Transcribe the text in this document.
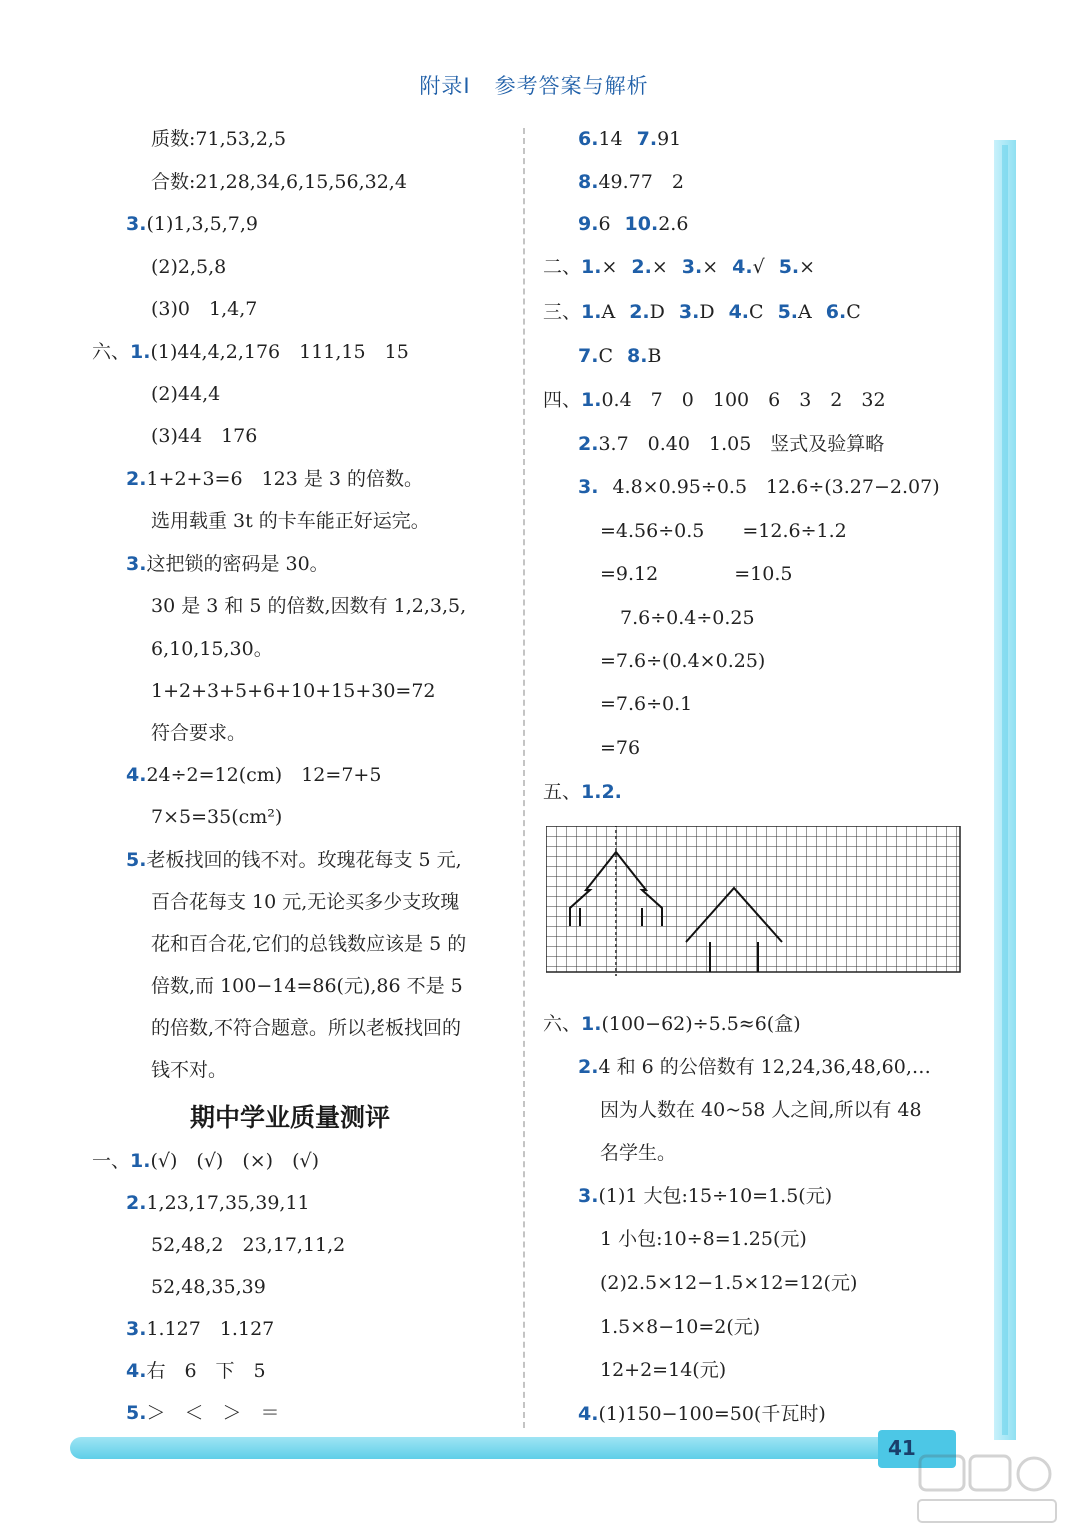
附录Ⅰ 参考答案与解析
质数:71,53,2,5
合数:21,28,34,6,15,56,32,4
3.(1)1,3,5,7,9
(2)2,5,8
(3)0　1,4,7
六、1.(1)44,4,2,176　111,15　15
(2)44,4
(3)44　176
2.1+2+3=6　123 是 3 的倍数。
选用载重 3t 的卡车能正好运完。
3.这把锁的密码是 30。
30 是 3 和 5 的倍数,因数有 1,2,3,5,
6,10,15,30。
1+2+3+5+6+10+15+30=72
符合要求。
4.24÷2=12(cm)　12=7+5
7×5=35(cm²)
5.老板找回的钱不对。玫瑰花每支 5 元,
百合花每支 10 元,无论买多少支玫瑰
花和百合花,它们的总钱数应该是 5 的
倍数,而 100−14=86(元),86 不是 5
的倍数,不符合题意。所以老板找回的
钱不对。
期中学业质量测评
一、1.(√)　(√)　(×)　(√)
2.1,23,17,35,39,11
52,48,2　23,17,11,2
52,48,35,39
3.1.127　1.127
4.右　6　下　5
5.＞　＜　＞　＝
6.14 7.91
8.49.77　2
9.6 10.2.6
二、1.× 2.× 3.× 4.√ 5.×
三、1.A 2.D 3.D 4.C 5.A 6.C
7.C 8.B
四、1.0.4　7　0　100　6　3　2　32
2.3.7　0.40　1.05　竖式及验算略
3. 4.8×0.95÷0.5　12.6÷(3.27−2.07)
=4.56÷0.5　　=12.6÷1.2
=9.12　　　　=10.5
7.6÷0.4÷0.25
=7.6÷(0.4×0.25)
=7.6÷0.1
=76
五、1.2.
六、1.(100−62)÷5.5≈6(盒)
2.4 和 6 的公倍数有 12,24,36,48,60,…
因为人数在 40~58 人之间,所以有 48
名学生。
3.(1)1 大包:15÷10=1.5(元)
1 小包:10÷8=1.25(元)
(2)2.5×12−1.5×12=12(元)
1.5×8−10=2(元)
12+2=14(元)
4.(1)150−100=50(千瓦时)
41
